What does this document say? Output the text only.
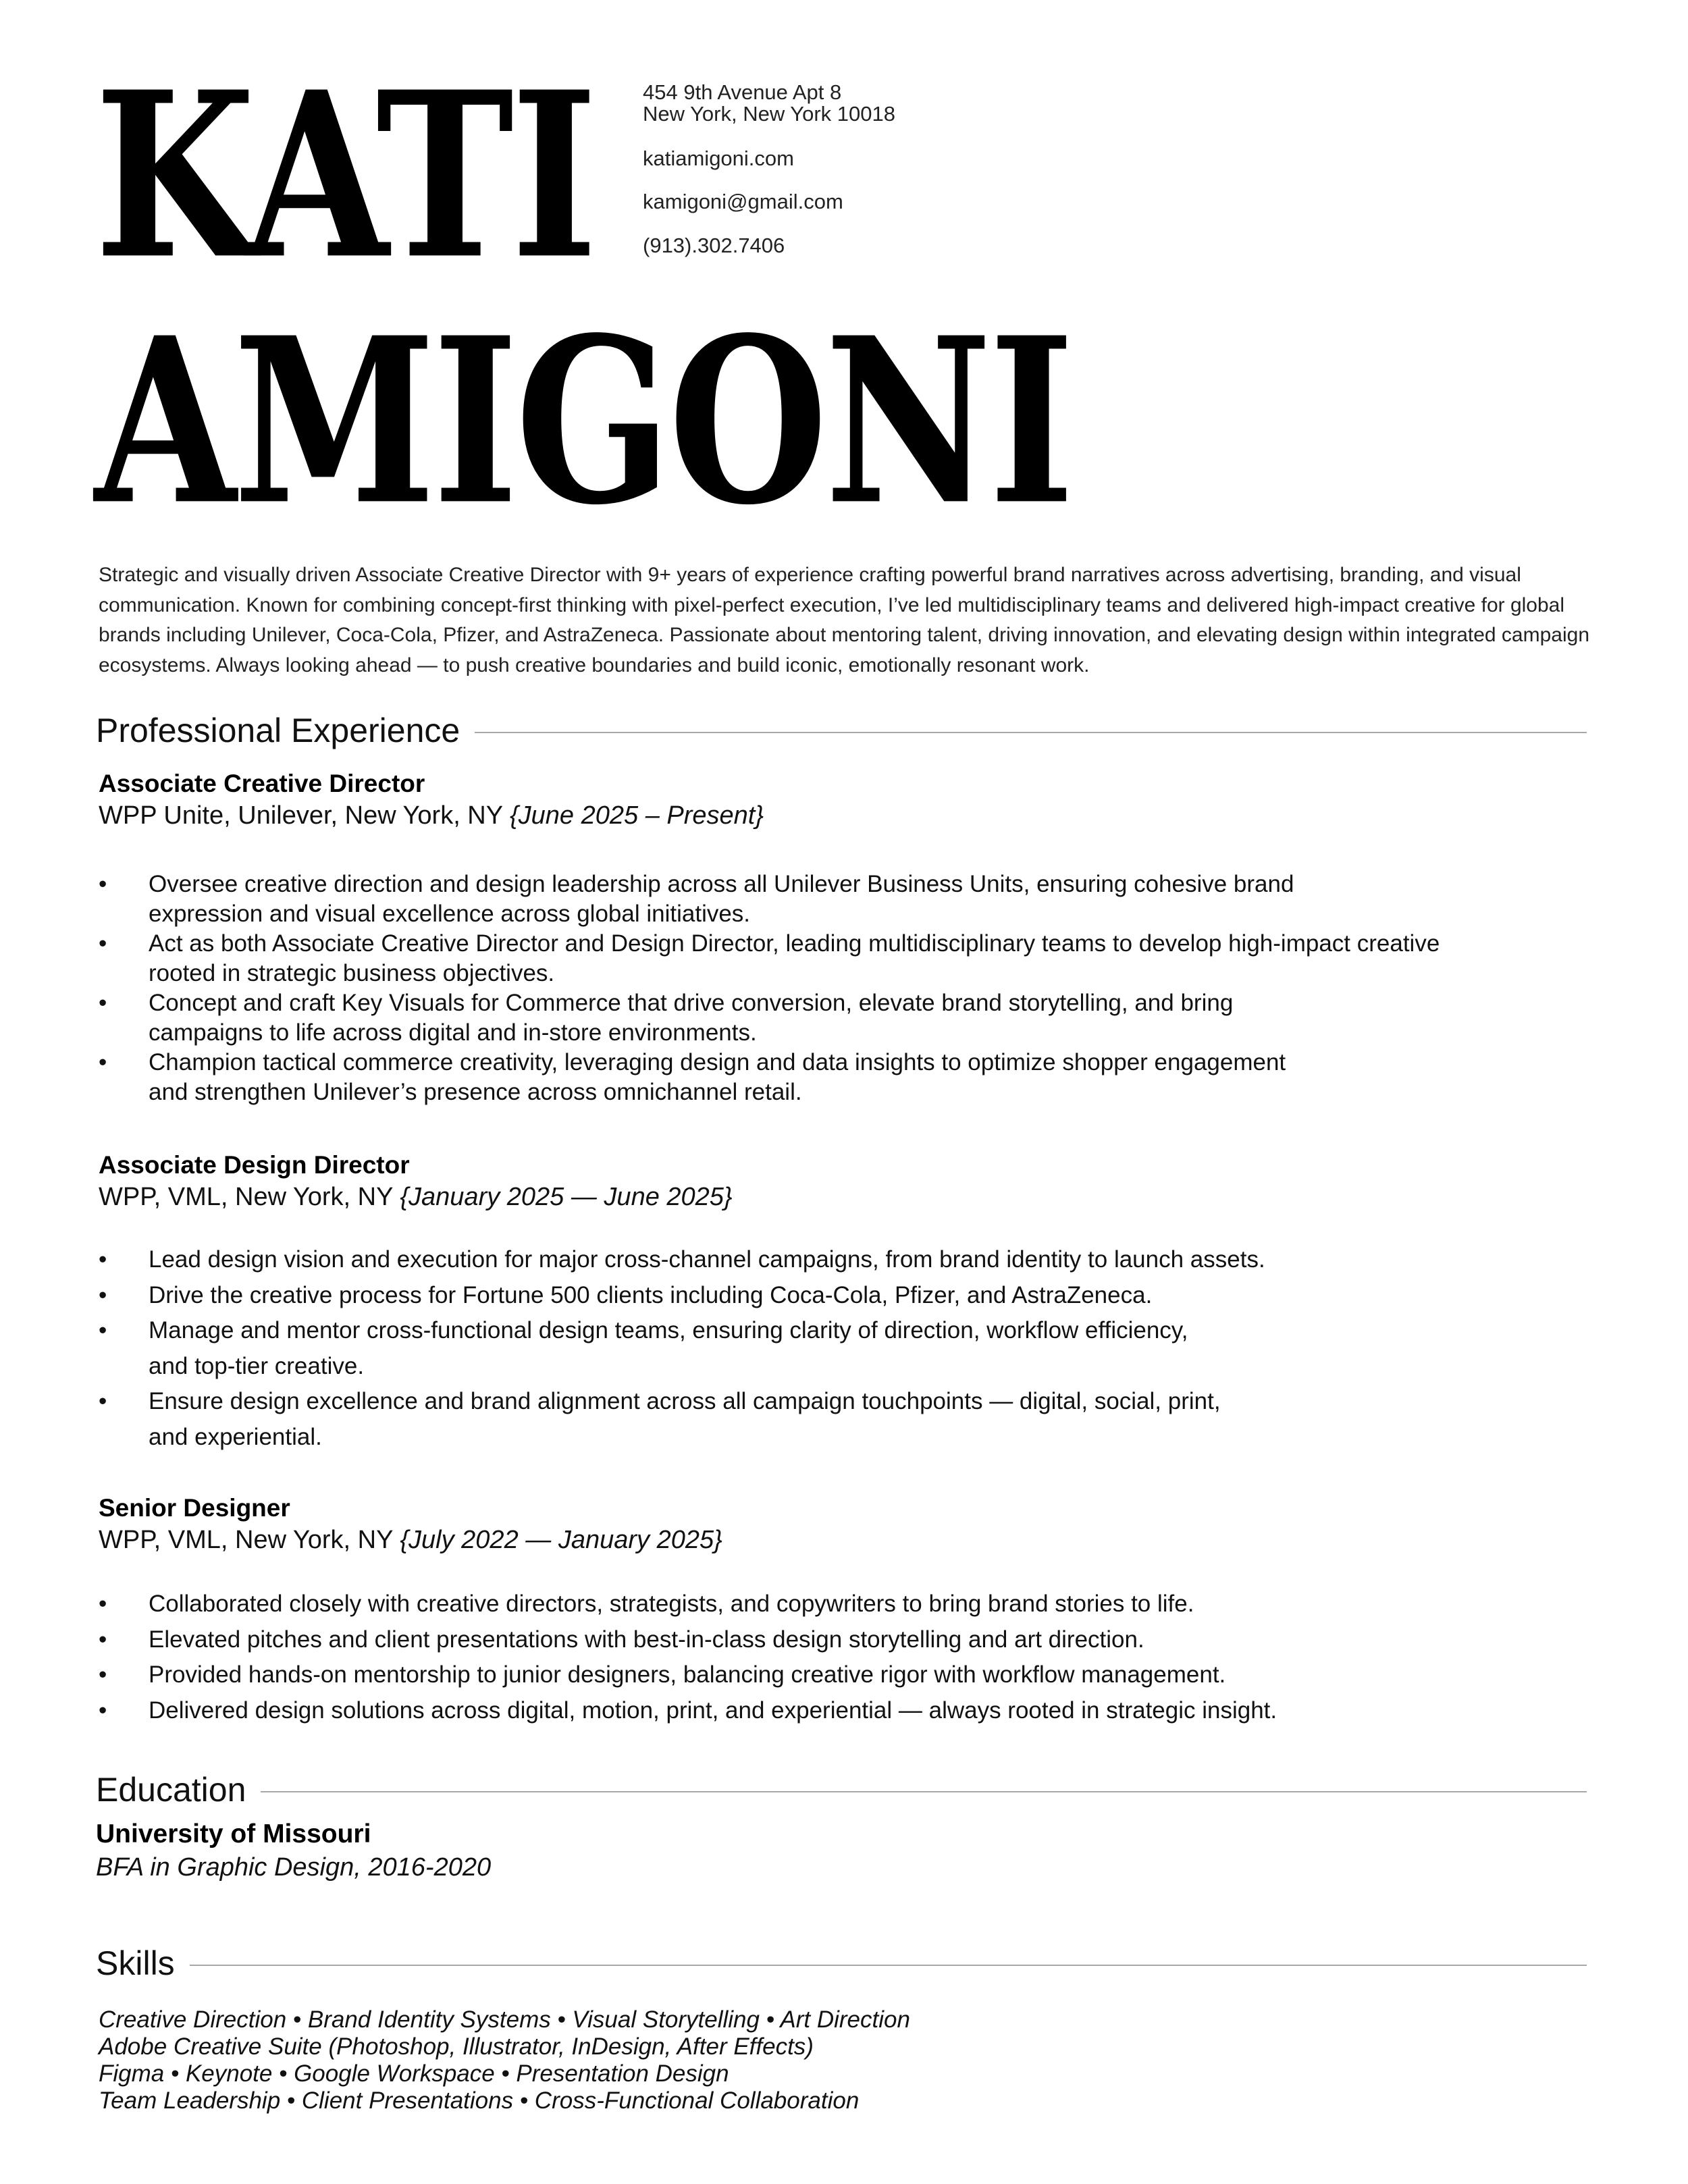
KATI
AMIGONI
454 9th Avenue Apt 8
New York, New York 10018
katiamigoni.com
kamigoni@gmail.com
(913).302.7406
Strategic and visually driven Associate Creative Director with 9+ years of experience crafting powerful brand narratives across advertising, branding, and visual communication. Known for combining concept-first thinking with pixel-perfect execution, I’ve led multidisciplinary teams and delivered high-impact creative for global brands including Unilever, Coca-Cola, Pfizer, and AstraZeneca. Passionate about mentoring talent, driving innovation, and elevating design within integrated campaign ecosystems. Always looking ahead — to push creative boundaries and build iconic, emotionally resonant work.
Professional Experience
Associate Creative Director
WPP Unite, Unilever, New York, NY {June 2025 – Present}
• Oversee creative direction and design leadership across all Unilever Business Units, ensuring cohesive brand
expression and visual excellence across global initiatives.
• Act as both Associate Creative Director and Design Director, leading multidisciplinary teams to develop high-impact creative
rooted in strategic business objectives.
• Concept and craft Key Visuals for Commerce that drive conversion, elevate brand storytelling, and bring
campaigns to life across digital and in-store environments.
• Champion tactical commerce creativity, leveraging design and data insights to optimize shopper engagement
and strengthen Unilever’s presence across omnichannel retail.
Associate Design Director
WPP, VML, New York, NY {January 2025 — June 2025}
• Lead design vision and execution for major cross-channel campaigns, from brand identity to launch assets.
• Drive the creative process for Fortune 500 clients including Coca-Cola, Pfizer, and AstraZeneca.
• Manage and mentor cross-functional design teams, ensuring clarity of direction, workflow efficiency,
and top-tier creative.
• Ensure design excellence and brand alignment across all campaign touchpoints — digital, social, print,
and experiential.
Senior Designer
WPP, VML, New York, NY {July 2022 — January 2025}
• Collaborated closely with creative directors, strategists, and copywriters to bring brand stories to life.
• Elevated pitches and client presentations with best-in-class design storytelling and art direction.
• Provided hands-on mentorship to junior designers, balancing creative rigor with workflow management.
• Delivered design solutions across digital, motion, print, and experiential — always rooted in strategic insight.
Education
University of Missouri
BFA in Graphic Design, 2016-2020
Skills
Creative Direction • Brand Identity Systems • Visual Storytelling • Art Direction
Adobe Creative Suite (Photoshop, Illustrator, InDesign, After Effects)
Figma • Keynote • Google Workspace • Presentation Design
Team Leadership • Client Presentations • Cross-Functional Collaboration
